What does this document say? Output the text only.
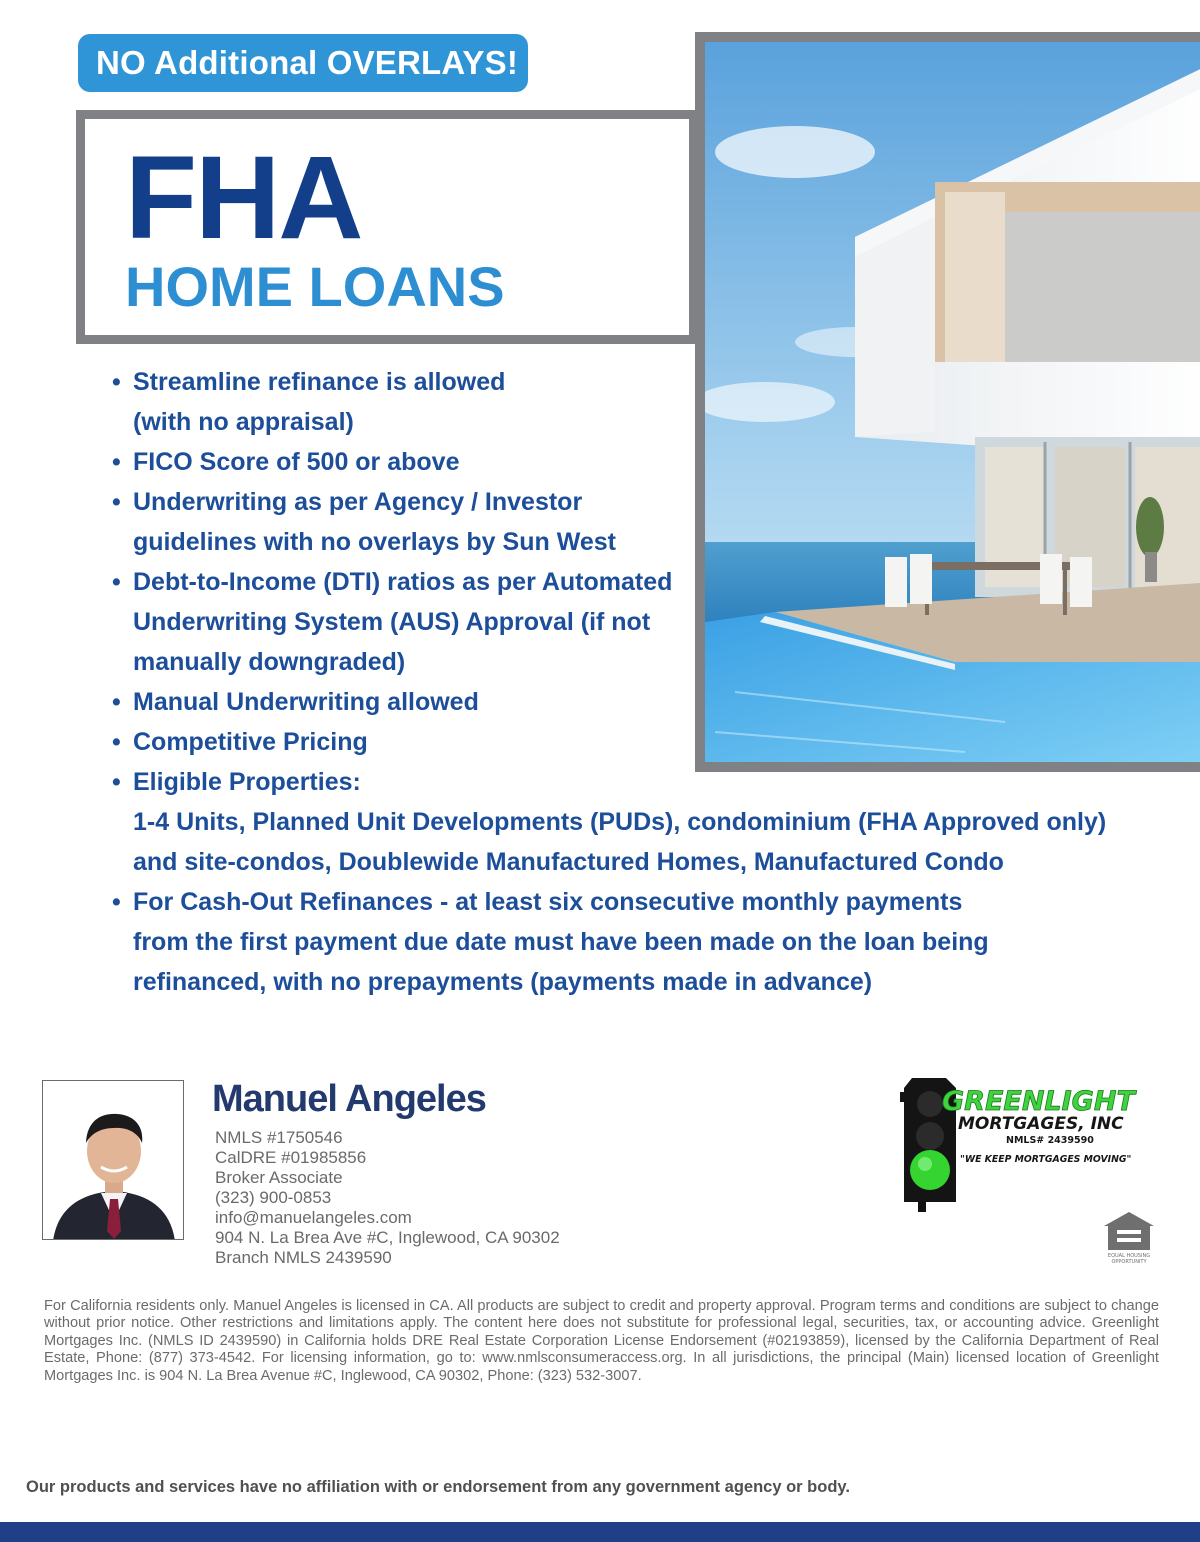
NO Additional OVERLAYS!
FHA
HOME LOANS
• Streamline refinance is allowed
(with no appraisal)
• FICO Score of 500 or above
• Underwriting as per Agency / Investor
guidelines with no overlays by Sun West
• Debt-to-Income (DTI) ratios as per Automated
Underwriting System (AUS) Approval (if not
manually downgraded)
• Manual Underwriting allowed
• Competitive Pricing
• Eligible Properties:
1-4 Units, Planned Unit Developments (PUDs), condominium (FHA Approved only)
and site-condos, Doublewide Manufactured Homes, Manufactured Condo
• For Cash-Out Refinances - at least six consecutive monthly payments
from the first payment due date must have been made on the loan being
refinanced, with no prepayments (payments made in advance)
Manuel Angeles
NMLS #1750546
CalDRE #01985856
Broker Associate
(323) 900-0853
info@manuelangeles.com
904 N. La Brea Ave #C, Inglewood, CA 90302
Branch NMLS 2439590
GREENLIGHT
MORTGAGES, INC
NMLS# 2439590
"WE KEEP MORTGAGES MOVING"
EQUAL HOUSING
OPPORTUNITY
For California residents only. Manuel Angeles is licensed in CA. All products are subject to credit and property approval. Program terms and conditions are subject to change without prior notice. Other restrictions and limitations apply. The content here does not substitute for professional legal, securities, tax, or accounting advice. Greenlight Mortgages Inc. (NMLS ID 2439590) in California holds DRE Real Estate Corporation License Endorsement (#02193859), licensed by the California Department of Real Estate, Phone: (877) 373-4542. For licensing information, go to: www.nmlsconsumeraccess.org. In all jurisdictions, the principal (Main) licensed location of Greenlight Mortgages Inc. is 904 N. La Brea Avenue #C, Inglewood, CA 90302, Phone: (323) 532-3007.
Our products and services have no affiliation with or endorsement from any government agency or body.
